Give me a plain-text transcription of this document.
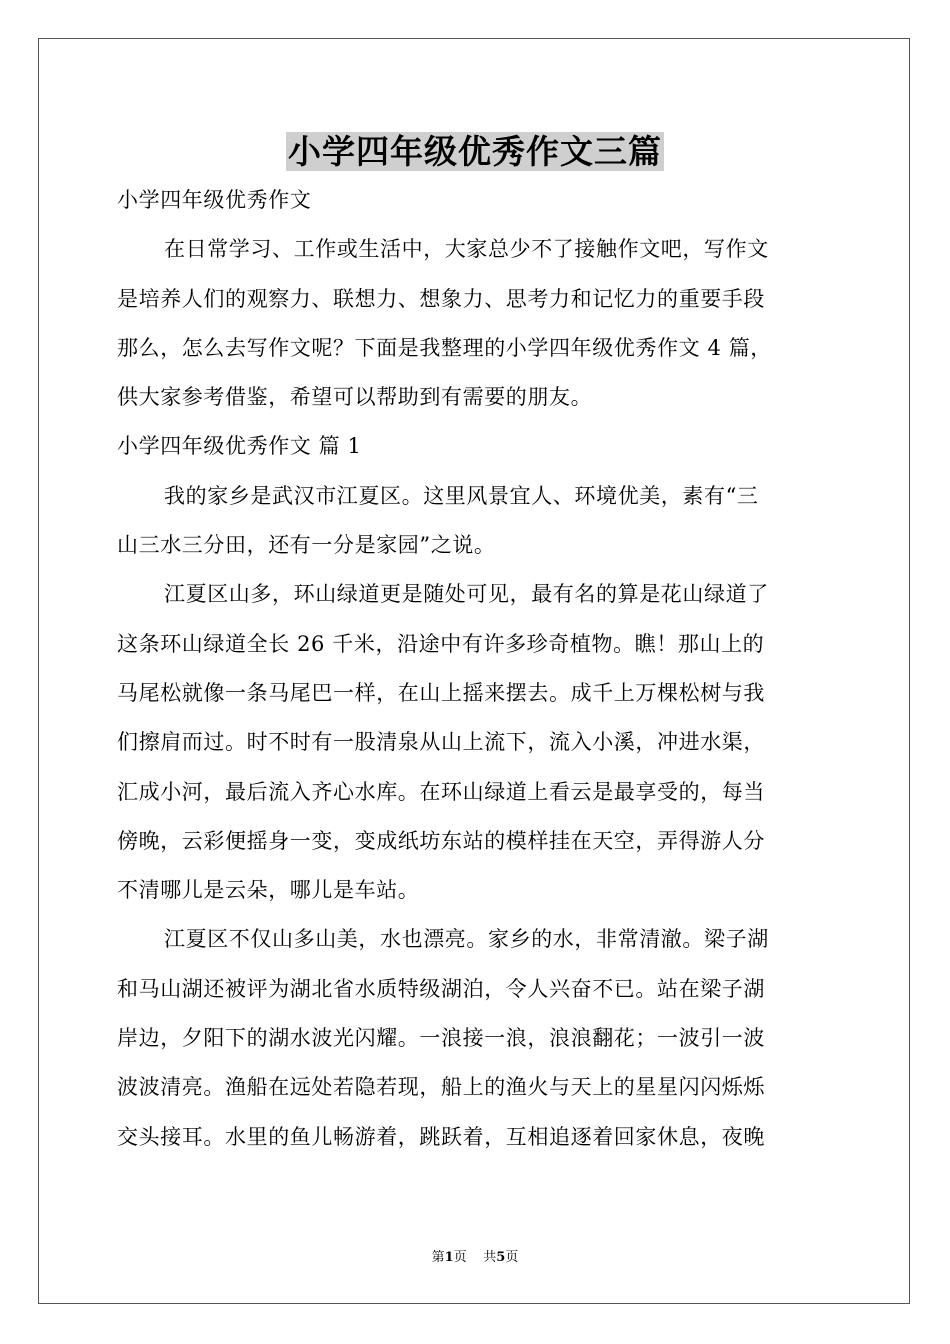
小学四年级优秀作文三篇
小学四年级优秀作文
在日常学习、工作或生活中，大家总少不了接触作文吧，写作文
是培养人们的观察力、联想力、想象力、思考力和记忆力的重要手段
那么，怎么去写作文呢？下面是我整理的小学四年级优秀作文 4 篇，
供大家参考借鉴，希望可以帮助到有需要的朋友。
小学四年级优秀作文 篇 1
我的家乡是武汉市江夏区。这里风景宜人、环境优美，素有“三
山三水三分田，还有一分是家园”之说。
江夏区山多，环山绿道更是随处可见，最有名的算是花山绿道了
这条环山绿道全长 26 千米，沿途中有许多珍奇植物。瞧！那山上的
马尾松就像一条马尾巴一样，在山上摇来摆去。成千上万棵松树与我
们擦肩而过。时不时有一股清泉从山上流下，流入小溪，冲进水渠，
汇成小河，最后流入齐心水库。在环山绿道上看云是最享受的，每当
傍晚，云彩便摇身一变，变成纸坊东站的模样挂在天空，弄得游人分
不清哪儿是云朵，哪儿是车站。
江夏区不仅山多山美，水也漂亮。家乡的水，非常清澈。梁子湖
和马山湖还被评为湖北省水质特级湖泊，令人兴奋不已。站在梁子湖
岸边，夕阳下的湖水波光闪耀。一浪接一浪，浪浪翻花；一波引一波
波波清亮。渔船在远处若隐若现，船上的渔火与天上的星星闪闪烁烁
交头接耳。水里的鱼儿畅游着，跳跃着，互相追逐着回家休息，夜晚
第1页 共5页
